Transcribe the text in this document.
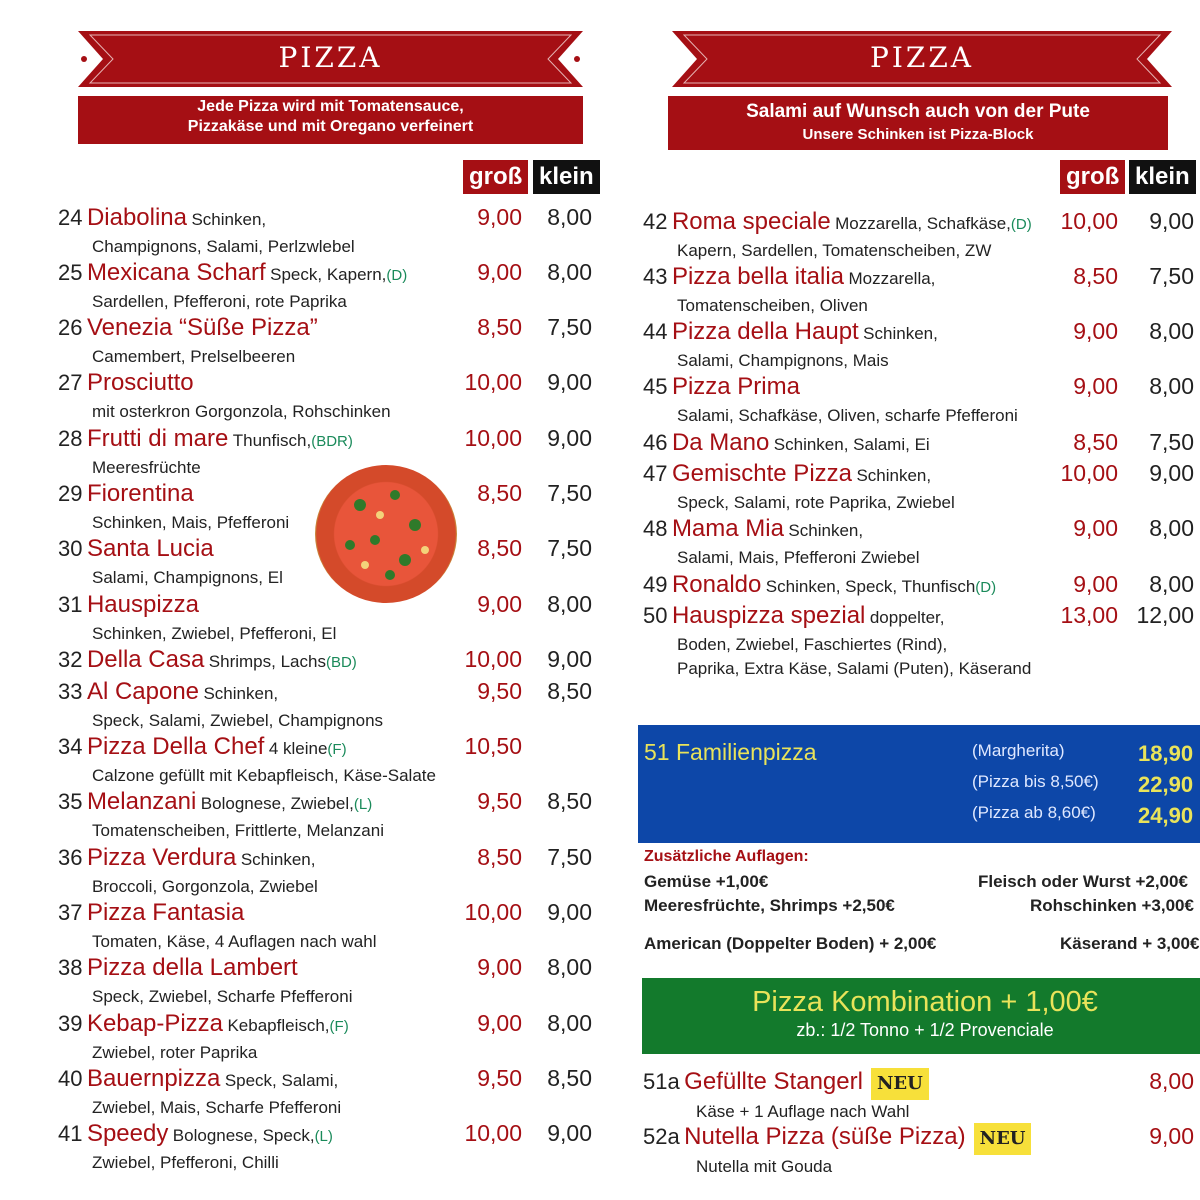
PIZZA
Jede Pizza wird mit Tomatensauce,
Pizzakäse und mit Oregano verfeinert
groß klein
PIZZA
Salami auf Wunsch auch von der Pute
Unsere Schinken ist Pizza-Block
groß klein
24 Diabolina Schinken,
Champignons, Salami, Perlzwlebel
9,00 8,00
25 Mexicana Scharf Speck, Kapern,(D)
Sardellen, Pfefferoni, rote Paprika
9,00 8,00
26 Venezia “Süße Pizza”
Camembert, Prelselbeeren
8,50 7,50
27 Prosciutto
mit osterkron Gorgonzola, Rohschinken
10,00 9,00
28 Frutti di mare Thunfisch,(BDR)
Meeresfrüchte
10,00 9,00
29 Fiorentina
Schinken, Mais, Pfefferoni
8,50 7,50
30 Santa Lucia
Salami, Champignons, El
8,50 7,50
31 Hauspizza
Schinken, Zwiebel, Pfefferoni, El
9,00 8,00
32 Della Casa Shrimps, Lachs(BD)	10,00 9,00
33 Al Capone Schinken,
Speck, Salami, Zwiebel, Champignons
9,50 8,50
34 Pizza Della Chef 4 kleine(F)
Calzone gefüllt mit Kebapfleisch, Käse-Salate
10,50
35 Melanzani Bolognese, Zwiebel,(L)
Tomatenscheiben, Frittlerte, Melanzani
9,50 8,50
36 Pizza Verdura Schinken,
Broccoli, Gorgonzola, Zwiebel
8,50 7,50
37 Pizza Fantasia
Tomaten, Käse, 4 Auflagen nach wahl
10,00 9,00
38 Pizza della Lambert
Speck, Zwiebel, Scharfe Pfefferoni
9,00 8,00
39 Kebap-Pizza Kebapfleisch,(F)
Zwiebel, roter Paprika
9,00 8,00
40 Bauernpizza Speck, Salami,
Zwiebel, Mais, Scharfe Pfefferoni
9,50 8,50
41 Speedy Bolognese, Speck,(L)
Zwiebel, Pfefferoni, Chilli
10,00 9,00
42 Roma speciale Mozzarella, Schafkäse,(D)
Kapern, Sardellen, Tomatenscheiben, ZW
10,00 9,00
43 Pizza bella italia Mozzarella,
Tomatenscheiben, Oliven
8,50 7,50
44 Pizza della Haupt Schinken,
Salami, Champignons, Mais
9,00 8,00
45 Pizza Prima
Salami, Schafkäse, Oliven, scharfe Pfefferoni
9,00 8,00
46 Da Mano Schinken, Salami, Ei	8,50 7,50
47 Gemischte Pizza Schinken,
Speck, Salami, rote Paprika, Zwiebel
10,00 9,00
48 Mama Mia Schinken,
Salami, Mais, Pfefferoni Zwiebel
9,00 8,00
49 Ronaldo Schinken, Speck, Thunfisch(D)	9,00 8,00
50 Hauspizza spezial doppelter,
Boden, Zwiebel, Faschiertes (Rind),
Paprika, Extra Käse, Salami (Puten), Käserand
13,00 12,00
51 Familienpizza	(Margherita)	18,90
(Pizza bis 8,50€) 22,90
(Pizza ab 8,60€) 24,90
Zusätzliche Auflagen:
Gemüse +1,00€	Fleisch oder Wurst +2,00€
Meeresfrüchte, Shrimps +2,50€	Rohschinken +3,00€
American (Doppelter Boden) + 2,00€	Käserand + 3,00€
Pizza Kombination + 1,00€
zb.: 1/2 Tonno + 1/2 Provenciale
51a Gefüllte Stangerl NEU
Käse + 1 Auflage nach Wahl
8,00
52a Nutella Pizza (süße Pizza) NEU
Nutella mit Gouda
9,00
